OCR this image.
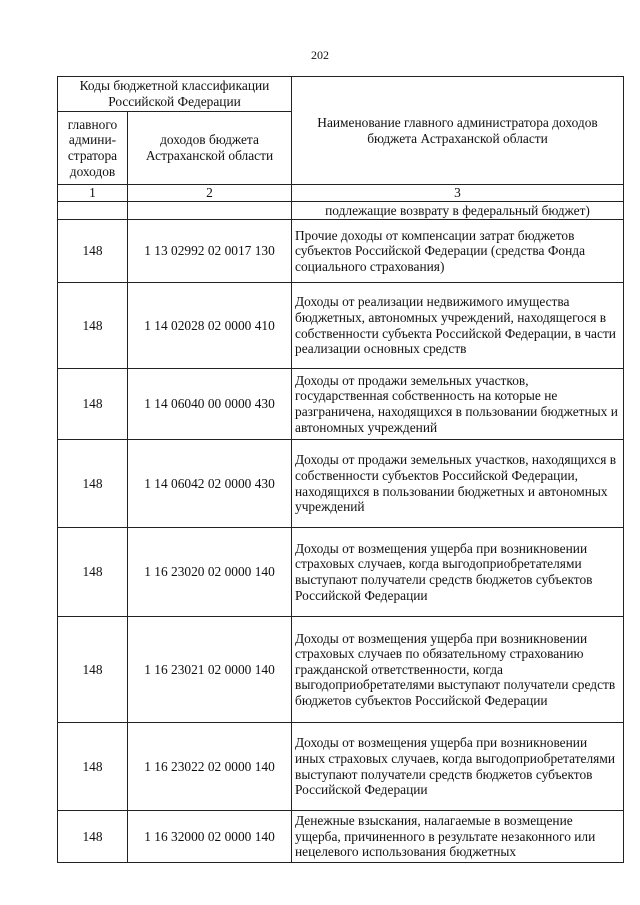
202
Коды бюджетной классификации Российской Федерации		Наименование главного администратора доходов бюджета Астраханской области
главного админи-стратора доходов	доходов бюджета Астраханской области	
1	2	3
		подлежащие возврату в федеральный бюджет)
148	1 13 02992 02 0017 130	Прочие доходы от компенсации затрат бюджетов субъектов Российской Федерации (средства Фонда социального страхования)
148	1 14 02028 02 0000 410	Доходы от реализации недвижимого имущества бюджетных, автономных учреждений, находящегося в собственности субъекта Российской Федерации, в части реализации основных средств
148	1 14 06040 00 0000 430	Доходы от продажи земельных участков, государственная собственность на которые не разграничена, находящихся в пользовании бюджетных и автономных учреждений
148	1 14 06042 02 0000 430	Доходы от продажи земельных участков, находящихся в собственности субъектов Российской Федерации, находящихся в пользовании бюджетных и автономных учреждений
148	1 16 23020 02 0000 140	Доходы от возмещения ущерба при возникновении страховых случаев, когда выгодоприобретателями выступают получатели средств бюджетов субъектов Российской Федерации
148	1 16 23021 02 0000 140	Доходы от возмещения ущерба при возникновении страховых случаев по обязательному страхованию гражданской ответственности, когда выгодоприобретателями выступают получатели средств бюджетов субъектов Российской Федерации
148	1 16 23022 02 0000 140	Доходы от возмещения ущерба при возникновении иных страховых случаев, когда выгодоприобретателями выступают получатели средств бюджетов субъектов Российской Федерации
148	1 16 32000 02 0000 140	Денежные взыскания, налагаемые в возмещение ущерба, причиненного в результате незаконного или нецелевого использования бюджетных
